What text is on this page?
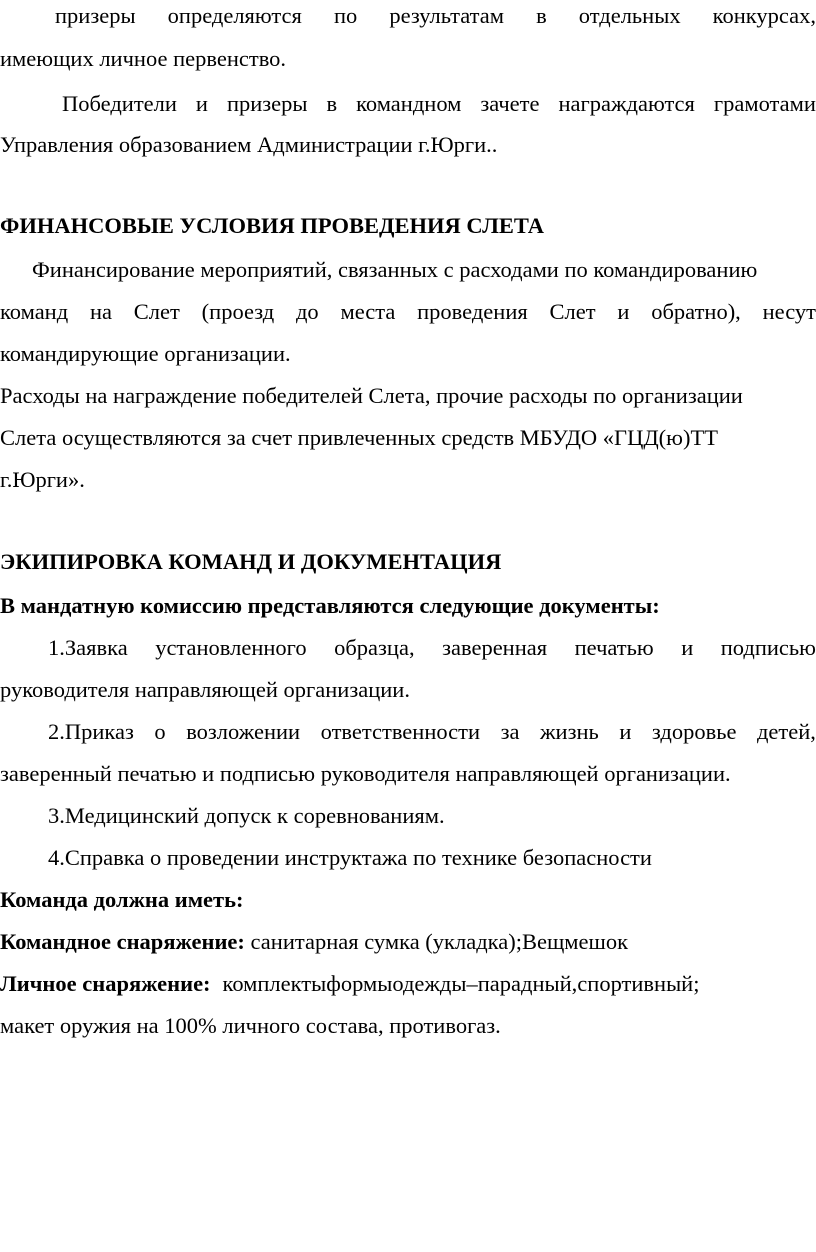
призеры определяются по результатам в отдельных конкурсах,
имеющих личное первенство.
Победители и призеры в командном зачете награждаются грамотами
Управления образованием Администрации г.Юрги..
ФИНАНСОВЫЕ УСЛОВИЯ ПРОВЕДЕНИЯ СЛЕТА
Финансирование мероприятий, связанных с расходами по командированию
команд на Слет (проезд до места проведения Слет и обратно), несут
командирующие организации.
Расходы на награждение победителей Слета, прочие расходы по организации
Слета осуществляются за счет привлеченных средств МБУДО «ГЦД(ю)ТТ
г.Юрги».
ЭКИПИРОВКА КОМАНД И ДОКУМЕНТАЦИЯ
В мандатную комиссию представляются следующие документы:
1.Заявка установленного образца, заверенная печатью и подписью
руководителя направляющей организации.
2.Приказ о возложении ответственности за жизнь и здоровье детей,
заверенный печатью и подписью руководителя направляющей организации.
3.Медицинский допуск к соревнованиям.
4.Справка о проведении инструктажа по технике безопасности
Команда должна иметь:
Командное снаряжение: санитарная сумка (укладка);Вещмешок
Личное снаряжение: комплектыформыодежды–парадный,спортивный;
макет оружия на 100% личного состава, противогаз.
